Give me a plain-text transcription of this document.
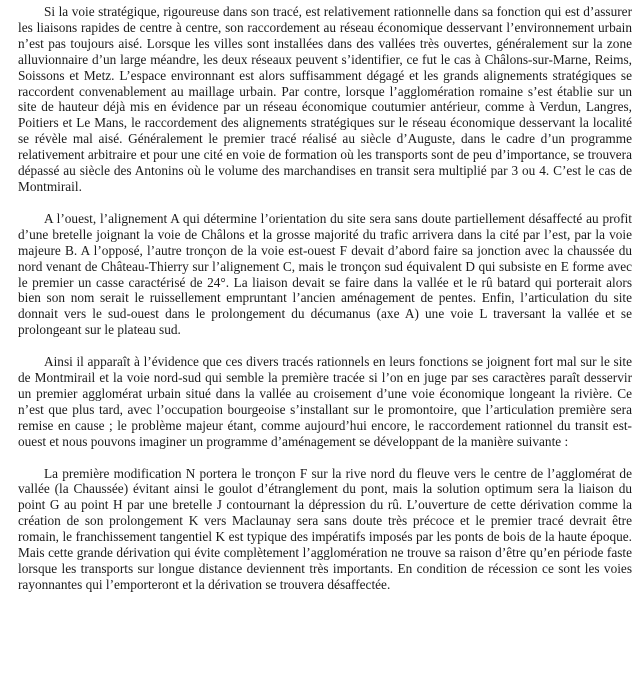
Si la voie stratégique, rigoureuse dans son tracé, est relativement rationnelle dans sa fonction qui est d’assurer les liaisons rapides de centre à centre, son raccordement au réseau économique desservant l’environnement urbain n’est pas toujours aisé. Lorsque les villes sont installées dans des vallées très ouvertes, généralement sur la zone alluvionnaire d’un large méandre, les deux réseaux peuvent s’identifier, ce fut le cas à Châlons-sur-Marne, Reims, Soissons et Metz. L’espace environnant est alors suffisamment dégagé et les grands alignements stratégiques se raccordent convenablement au maillage urbain. Par contre, lorsque l’agglomération romaine s’est établie sur un site de hauteur déjà mis en évidence par un réseau économique coutumier antérieur, comme à Verdun, Langres, Poitiers et Le Mans, le raccordement des alignements stratégiques sur le réseau économique desservant la localité se révèle mal aisé. Généralement le premier tracé réalisé au siècle d’Auguste, dans le cadre d’un programme relativement arbitraire et pour une cité en voie de formation où les transports sont de peu d’importance, se trouvera dépassé au siècle des Antonins où le volume des marchandises en transit sera multiplié par 3 ou 4. C’est le cas de Montmirail.

A l’ouest, l’alignement A qui détermine l’orientation du site sera sans doute partiellement désaffecté au profit d’une bretelle joignant la voie de Châlons et la grosse majorité du trafic arrivera dans la cité par l’est, par la voie majeure B. A l’opposé, l’autre tronçon de la voie est-ouest F devait d’abord faire sa jonction avec la chaussée du nord venant de Château-Thierry sur l’alignement C, mais le tronçon sud équivalent D qui subsiste en E forme avec le premier un casse caractérisé de 24°. La liaison devait se faire dans la vallée et le rû batard qui porterait alors bien son nom serait le ruissellement empruntant l’ancien aménagement de pentes. Enfin, l’articulation du site donnait vers le sud-ouest dans le prolongement du décumanus (axe A) une voie L traversant la vallée et se prolongeant sur le plateau sud.

Ainsi il apparaît à l’évidence que ces divers tracés rationnels en leurs fonctions se joignent fort mal sur le site de Montmirail et la voie nord-sud qui semble la première tracée si l’on en juge par ses caractères paraît desservir un premier agglomérat urbain situé dans la vallée au croisement d’une voie économique longeant la rivière. Ce n’est que plus tard, avec l’occupation bourgeoise s’installant sur le promontoire, que l’articulation première sera remise en cause ; le problème majeur étant, comme aujourd’hui encore, le raccordement rationnel du transit est-ouest et nous pouvons imaginer un programme d’aménagement se développant de la manière suivante :

La première modification N portera le tronçon F sur la rive nord du fleuve vers le centre de l’agglomérat de vallée (la Chaussée) évitant ainsi le goulot d’étranglement du pont, mais la solution optimum sera la liaison du point G au point H par une bretelle J contournant la dépression du rû. L’ouverture de cette dérivation comme la création de son prolongement K vers Maclaunay sera sans doute très précoce et le premier tracé devrait être romain, le franchissement tangentiel K est typique des impératifs imposés par les ponts de bois de la haute époque. Mais cette grande dérivation qui évite complètement l’agglomération ne trouve sa raison d’être qu’en période faste lorsque les transports sur longue distance deviennent très importants. En condition de récession ce sont les voies rayonnantes qui l’emporteront et la dérivation se trouvera désaffectée.
